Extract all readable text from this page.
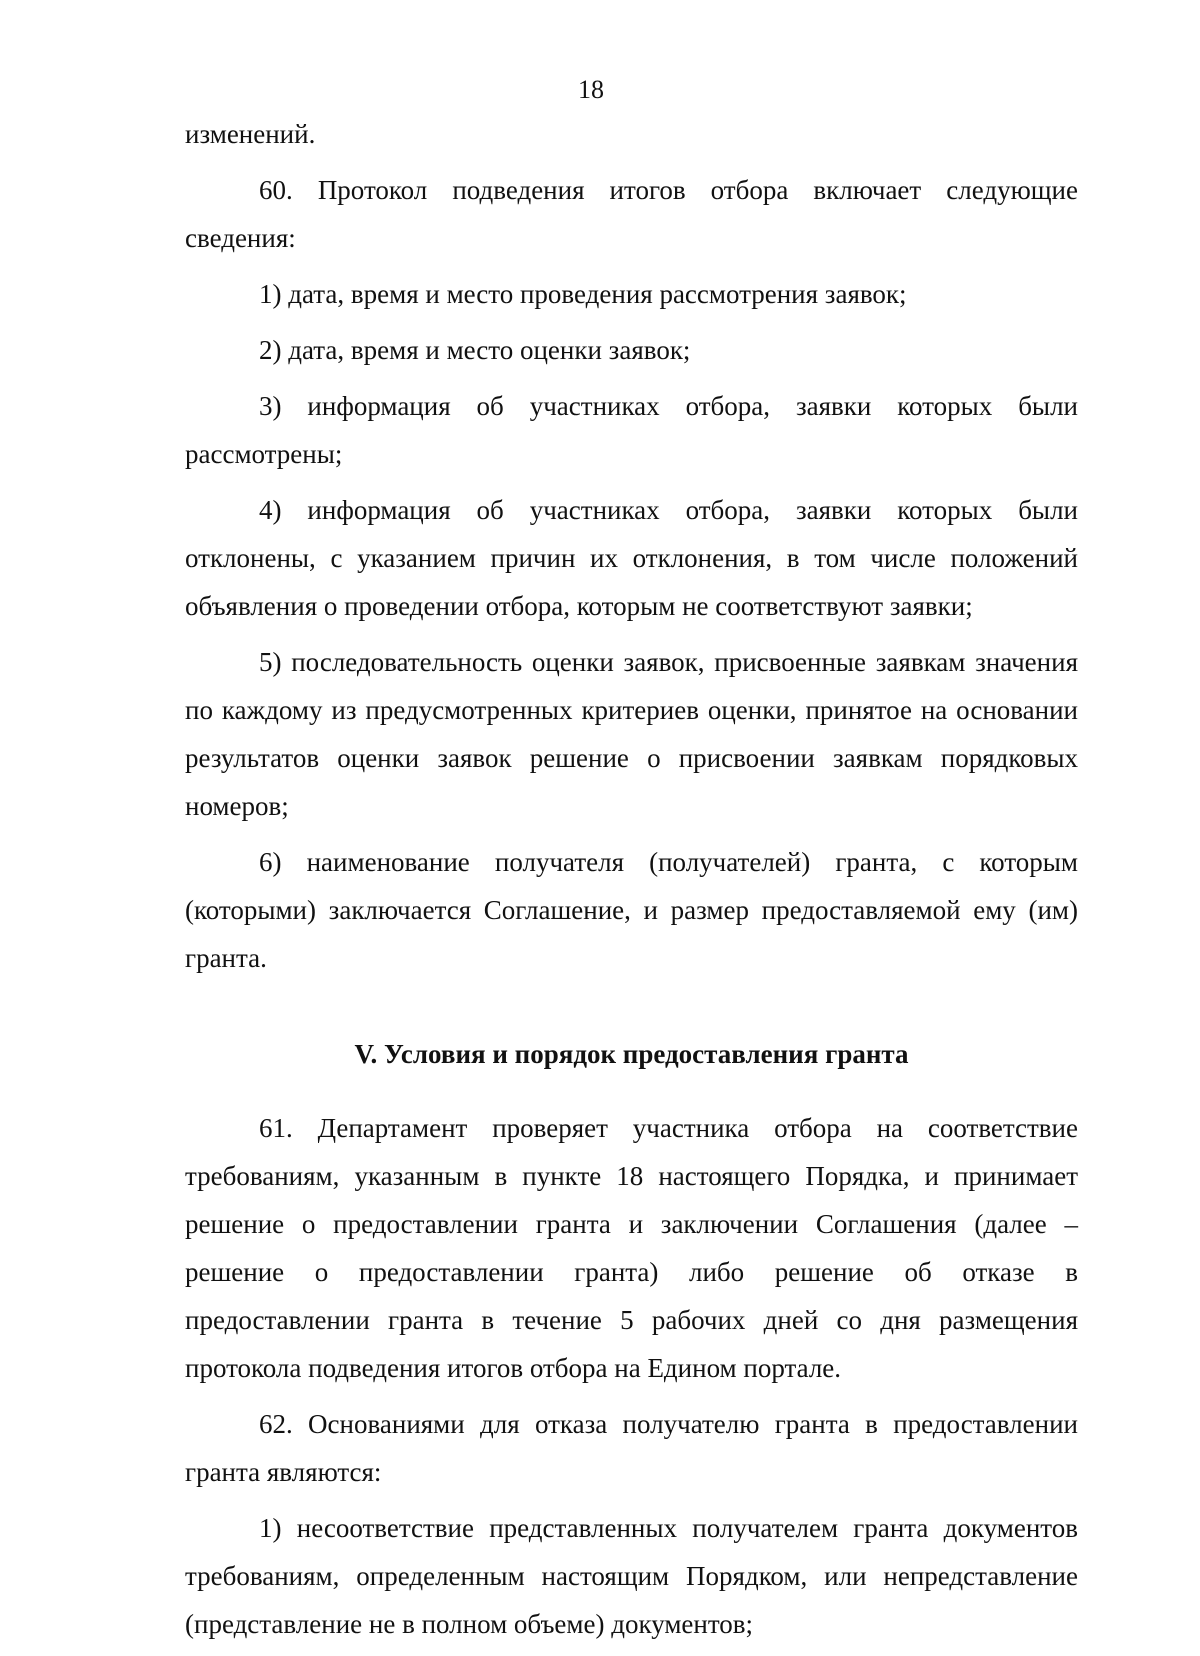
18

изменений.

60. Протокол подведения итогов отбора включает следующие сведения:

1) дата, время и место проведения рассмотрения заявок;

2) дата, время и место оценки заявок;

3) информация об участниках отбора, заявки которых были рассмотрены;

4) информация об участниках отбора, заявки которых были отклонены, с указанием причин их отклонения, в том числе положений объявления о проведении отбора, которым не соответствуют заявки;

5) последовательность оценки заявок, присвоенные заявкам значения по каждому из предусмотренных критериев оценки, принятое на основании результатов оценки заявок решение о присвоении заявкам порядковых номеров;

6) наименование получателя (получателей) гранта, с которым (которыми) заключается Соглашение, и размер предоставляемой ему (им) гранта.

V. Условия и порядок предоставления гранта

61. Департамент проверяет участника отбора на соответствие требованиям, указанным в пункте 18 настоящего Порядка, и принимает решение о предоставлении гранта и заключении Соглашения (далее – решение о предоставлении гранта) либо решение об отказе в предоставлении гранта в течение 5 рабочих дней со дня размещения протокола подведения итогов отбора на Едином портале.

62. Основаниями для отказа получателю гранта в предоставлении гранта являются:

1) несоответствие представленных получателем гранта документов требованиям, определенным настоящим Порядком, или непредставление (представление не в полном объеме) документов;
